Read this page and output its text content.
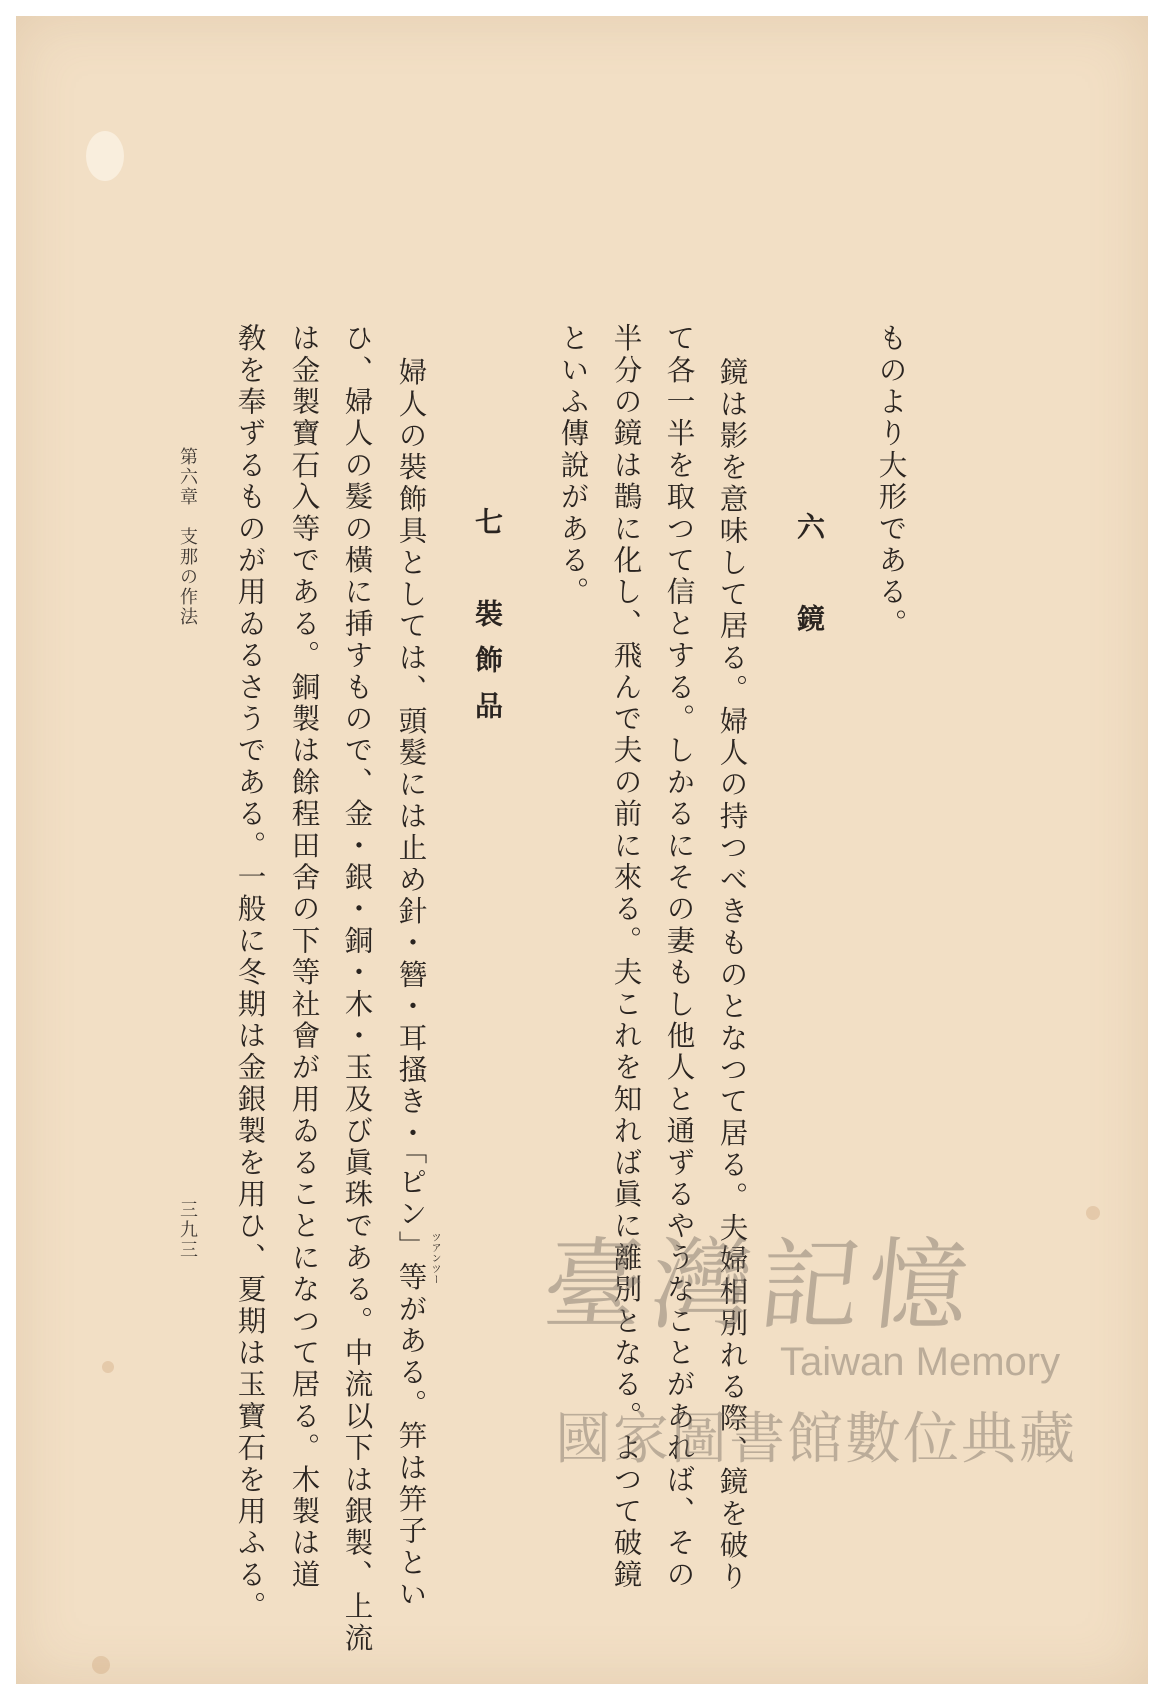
ものより大形である。
六　鏡
鏡は影を意味して居る。婦人の持つべきものとなつて居る。夫婦相別れる際、鏡を破り
て各一半を取つて信とする。しかるにその妻もし他人と通ずるやうなことがあれば、その
半分の鏡は鵲に化し、飛んで夫の前に來る。夫これを知れば眞に離別となる。よつて破鏡
といふ傳說がある。
七　裝飾品
ツアンツー
婦人の裝飾具としては、頭髮には止め針・簪・耳搔き・「ピン」等がある。笄は笄子とい
ひ、婦人の髮の橫に挿すもので、金・銀・銅・木・玉及び眞珠である。中流以下は銀製、上流
は金製寶石入等である。銅製は餘程田舍の下等社會が用ゐることになつて居る。木製は道
敎を奉ずるものが用ゐるさうである。一般に冬期は金銀製を用ひ、夏期は玉寶石を用ふる。
第六章　支那の作法
三九三	臺灣記憶
Taiwan Memory
國家圖書館數位典藏
